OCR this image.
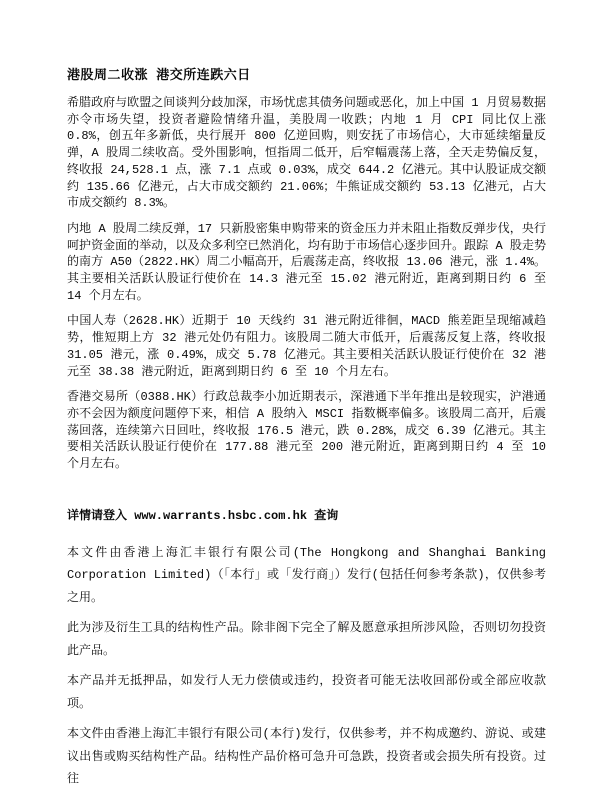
港股周二收涨 港交所连跌六日

希腊政府与欧盟之间谈判分歧加深，市场忧虑其债务问题或恶化，加上中国 1 月贸易数据亦令市场失望，投资者避险情绪升温，美股周一收跌；内地 1 月 CPI 同比仅上涨 0.8%，创五年多新低，央行展开 800 亿逆回购，则安抚了市场信心，大市延续缩量反弹，A 股周二续收高。受外围影响，恒指周二低开，后窄幅震荡上落，全天走势偏反复，终收报 24,528.1 点，涨 7.1 点或 0.03%，成交 644.2 亿港元。其中认股证成交额约 135.66 亿港元，占大市成交额约 21.06%；牛熊证成交额约 53.13 亿港元，占大市成交额约 8.3%。

内地 A 股周二续反弹，17 只新股密集申购带来的资金压力并未阻止指数反弹步伐，央行呵护资金面的举动，以及众多利空已然消化，均有助于市场信心逐步回升。跟踪 A 股走势的南方 A50（2822.HK）周二小幅高开，后震荡走高，终收报 13.06 港元，涨 1.4%。其主要相关活跃认股证行使价在 14.3 港元至 15.02 港元附近，距离到期日约 6 至 14 个月左右。

中国人寿（2628.HK）近期于 10 天线约 31 港元附近徘徊，MACD 熊差距呈现缩减趋势，惟短期上方 32 港元处仍有阻力。该股周二随大市低开，后震荡反复上落，终收报 31.05 港元，涨 0.49%，成交 5.78 亿港元。其主要相关活跃认股证行使价在 32 港元至 38.38 港元附近，距离到期日约 6 至 10 个月左右。

香港交易所（0388.HK）行政总裁李小加近期表示，深港通下半年推出是较现实，沪港通亦不会因为额度问题停下来，相信 A 股纳入 MSCI 指数概率偏多。该股周二高开，后震荡回落，连续第六日回吐，终收报 176.5 港元，跌 0.28%，成交 6.39 亿港元。其主要相关活跃认股证行使价在 177.88 港元至 200 港元附近，距离到期日约 4 至 10 个月左右。

详情请登入 www.warrants.hsbc.com.hk 查询

本文件由香港上海汇丰银行有限公司(The Hongkong and Shanghai Banking Corporation Limited)（「本行」或「发行商」）发行(包括任何参考条款)，仅供参考之用。

此为涉及衍生工具的结构性产品。除非阁下完全了解及愿意承担所涉风险，否则切勿投资此产品。

本产品并无抵押品，如发行人无力偿债或违约，投资者可能无法收回部份或全部应收款项。

本文件由香港上海汇丰银行有限公司(本行)发行，仅供参考，并不构成邀约、游说、或建议出售或购买结构性产品。结构性产品价格可急升可急跌，投资者或会损失所有投资。过往
